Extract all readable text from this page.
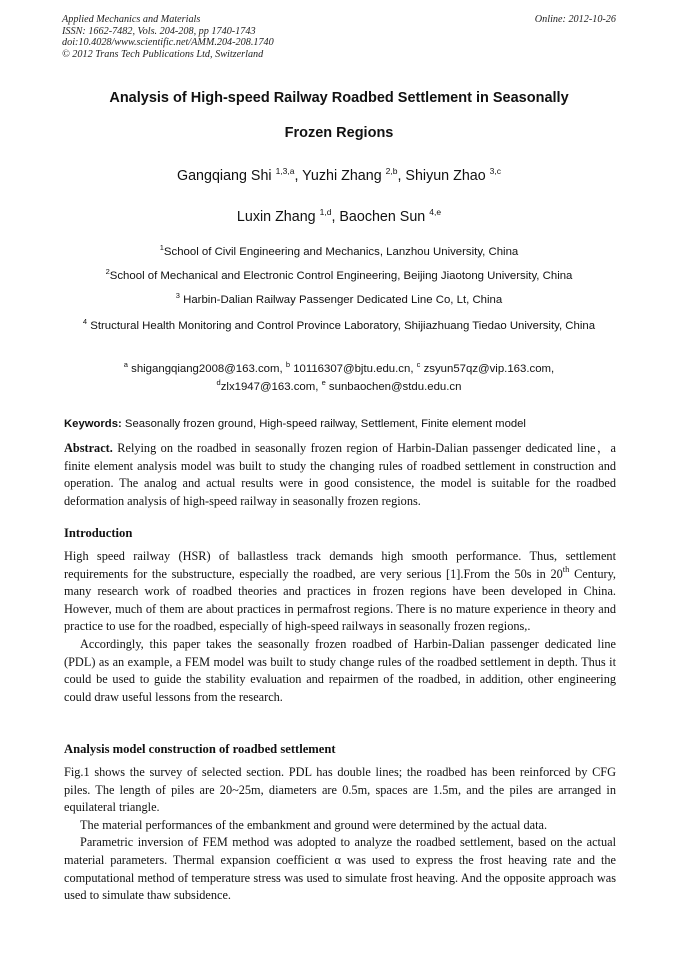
Applied Mechanics and Materials
ISSN: 1662-7482, Vols. 204-208, pp 1740-1743
doi:10.4028/www.scientific.net/AMM.204-208.1740
© 2012 Trans Tech Publications Ltd, Switzerland
Online: 2012-10-26
Analysis of High-speed Railway Roadbed Settlement in Seasonally
Frozen Regions
Gangqiang Shi $^{1,3,a}$, Yuzhi Zhang $^{2,b}$, Shiyun Zhao $^{3,c}$
Luxin Zhang $^{1,d}$, Baochen Sun $^{4,e}$
$^1$School of Civil Engineering and Mechanics, Lanzhou University, China
$^2$School of Mechanical and Electronic Control Engineering, Beijing Jiaotong University, China
$^3$ Harbin-Dalian Railway Passenger Dedicated Line Co, Lt, China
$^4$ Structural Health Monitoring and Control Province Laboratory, Shijiazhuang Tiedao University, China
$^a$ shigangqiang2008@163.com, $^b$ 10116307@bjtu.edu.cn, $^c$ zsyun57qz@vip.163.com,
$^d$zlx1947@163.com, $^e$ sunbaochen@stdu.edu.cn
Keywords: Seasonally frozen ground, High-speed railway, Settlement, Finite element model

Abstract. Relying on the roadbed in seasonally frozen region of Harbin-Dalian passenger dedicated line，a finite element analysis model was built to study the changing rules of roadbed settlement in construction and operation. The analog and actual results were in good consistence, the model is suitable for the roadbed deformation analysis of high-speed railway in seasonally frozen regions.

Introduction

High speed railway (HSR) of ballastless track demands high smooth performance. Thus, settlement requirements for the substructure, especially the roadbed, are very serious [1].From the 50s in 20th Century, many research work of roadbed theories and practices in frozen regions have been developed in China. However, much of them are about practices in permafrost regions. There is no mature experience in theory and practice to use for the roadbed, especially of high-speed railways in seasonally frozen regions,.

Accordingly, this paper takes the seasonally frozen roadbed of Harbin-Dalian passenger dedicated line (PDL) as an example, a FEM model was built to study change rules of the roadbed settlement in depth. Thus it could be used to guide the stability evaluation and repairmen of the roadbed, in addition, other engineering could draw useful lessons from the research.

Analysis model construction of roadbed settlement

Fig.1 shows the survey of selected section. PDL has double lines; the roadbed has been reinforced by CFG piles. The length of piles are 20~25m, diameters are 0.5m, spaces are 1.5m, and the piles are arranged in equilateral triangle.

The material performances of the embankment and ground were determined by the actual data.

Parametric inversion of FEM method was adopted to analyze the roadbed settlement, based on the actual material parameters. Thermal expansion coefficient α was used to express the frost heaving rate and the computational method of temperature stress was used to simulate frost heaving. And the opposite approach was used to simulate thaw subsidence.
